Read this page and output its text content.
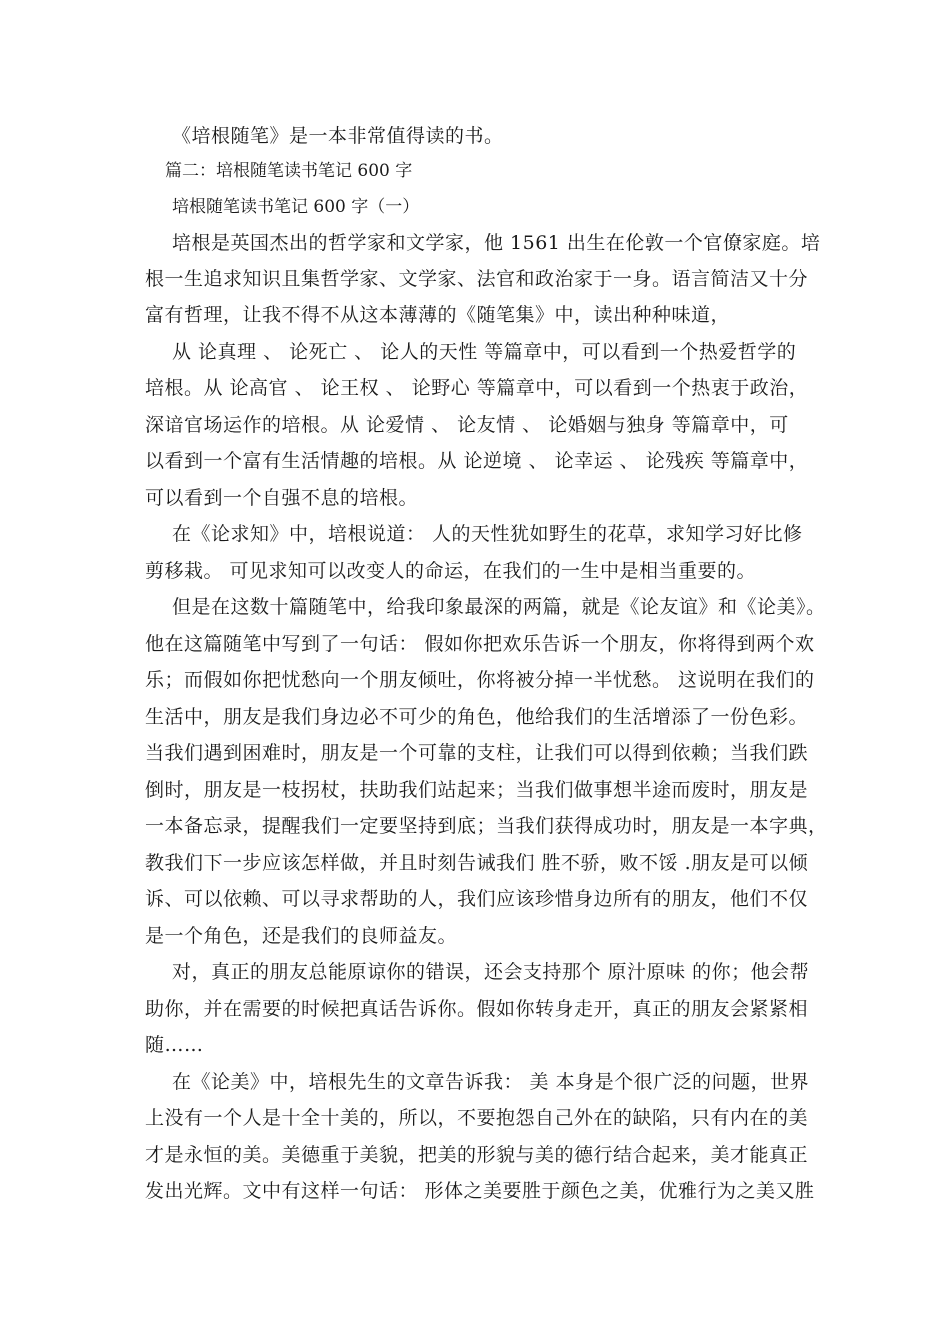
《培根随笔》是一本非常值得读的书。
篇二：培根随笔读书笔记 600 字
培根随笔读书笔记 600 字（一）
培根是英国杰出的哲学家和文学家，他 1561 出生在伦敦一个官僚家庭。培
根一生追求知识且集哲学家、文学家、法官和政治家于一身。语言简洁又十分
富有哲理，让我不得不从这本薄薄的《随笔集》中，读出种种味道，
从 论真理 、 论死亡 、 论人的天性 等篇章中，可以看到一个热爱哲学的
培根。从 论高官 、 论王权 、 论野心 等篇章中，可以看到一个热衷于政治，
深谙官场运作的培根。从 论爱情 、 论友情 、 论婚姻与独身 等篇章中，可
以看到一个富有生活情趣的培根。从 论逆境 、 论幸运 、 论残疾 等篇章中，
可以看到一个自强不息的培根。
在《论求知》中，培根说道： 人的天性犹如野生的花草，求知学习好比修
剪移栽。 可见求知可以改变人的命运，在我们的一生中是相当重要的。
但是在这数十篇随笔中，给我印象最深的两篇，就是《论友谊》和《论美》。
他在这篇随笔中写到了一句话： 假如你把欢乐告诉一个朋友，你将得到两个欢
乐；而假如你把忧愁向一个朋友倾吐，你将被分掉一半忧愁。 这说明在我们的
生活中，朋友是我们身边必不可少的角色，他给我们的生活增添了一份色彩。
当我们遇到困难时，朋友是一个可靠的支柱，让我们可以得到依赖；当我们跌
倒时，朋友是一枝拐杖，扶助我们站起来；当我们做事想半途而废时，朋友是
一本备忘录，提醒我们一定要坚持到底；当我们获得成功时，朋友是一本字典，
教我们下一步应该怎样做，并且时刻告诫我们 胜不骄，败不馁 .朋友是可以倾
诉、可以依赖、可以寻求帮助的人，我们应该珍惜身边所有的朋友，他们不仅
是一个角色，还是我们的良师益友。
对，真正的朋友总能原谅你的错误，还会支持那个 原汁原味 的你；他会帮
助你，并在需要的时候把真话告诉你。假如你转身走开，真正的朋友会紧紧相
随……
在《论美》中，培根先生的文章告诉我： 美 本身是个很广泛的问题，世界
上没有一个人是十全十美的，所以，不要抱怨自己外在的缺陷，只有内在的美
才是永恒的美。美德重于美貌，把美的形貌与美的德行结合起来，美才能真正
发出光辉。文中有这样一句话： 形体之美要胜于颜色之美，优雅行为之美又胜
